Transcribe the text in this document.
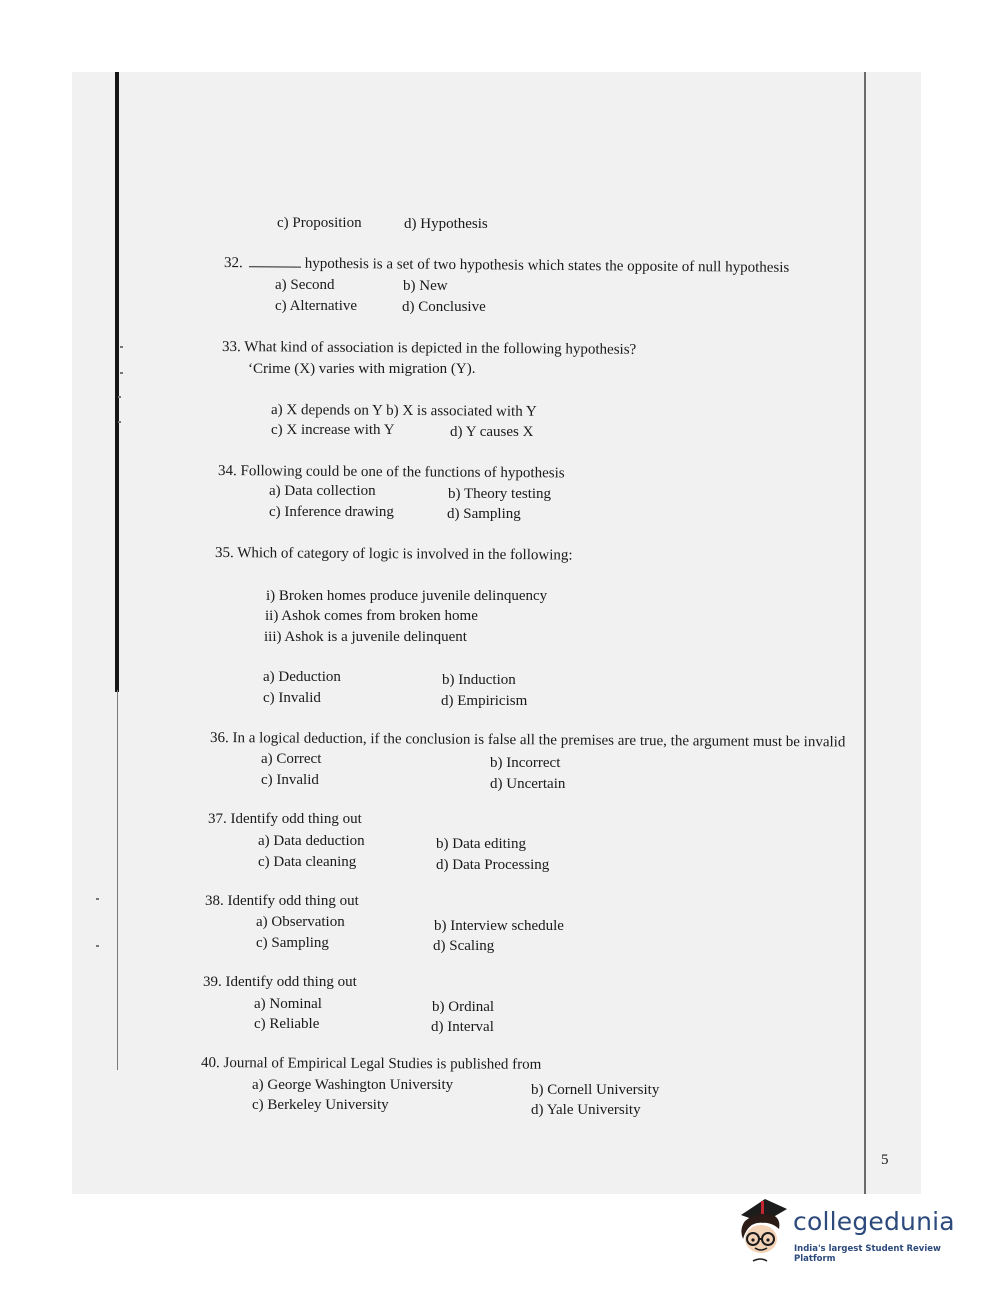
c) Proposition	d) Hypothesis
32.	hypothesis is a set of two hypothesis which states the opposite of null hypothesis
a) Second	b) New
c) Alternative	d) Conclusive
33. What kind of association is depicted in the following hypothesis?
‘Crime (X) varies with migration (Y).
a) X depends on Y b) X is associated with Y
c) X increase with Y	d) Y causes X
34. Following could be one of the functions of hypothesis
a) Data collection	b) Theory testing
c) Inference drawing	d) Sampling
35. Which of category of logic is involved in the following:
i) Broken homes produce juvenile delinquency
ii) Ashok comes from broken home
iii) Ashok is a juvenile delinquent
a) Deduction	b) Induction
c) Invalid	d) Empiricism
36. In a logical deduction, if the conclusion is false all the premises are true, the argument must be invalid
a) Correct	b) Incorrect
c) Invalid	d) Uncertain
37. Identify odd thing out
a) Data deduction	b) Data editing
c) Data cleaning	d) Data Processing
38. Identify odd thing out
a) Observation	b) Interview schedule
c) Sampling	d) Scaling
39. Identify odd thing out
a) Nominal	b) Ordinal
c) Reliable	d) Interval
40. Journal of Empirical Legal Studies is published from
a) George Washington University	b) Cornell University
c) Berkeley University	d) Yale University
5
collegedunia
India's largest Student Review Platform
